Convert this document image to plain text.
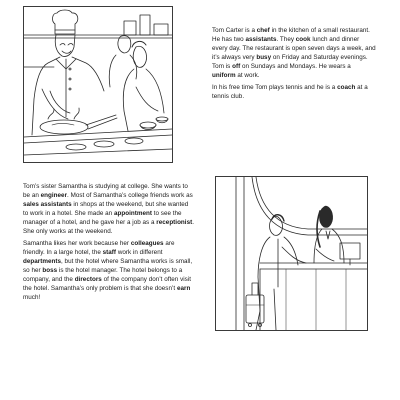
Tom Carter is a chef in the kitchen of a small restaurant. He has two assistants. They cook lunch and dinner every day. The restaurant is open seven days a week, and it’s always very busy on Friday and Saturday evenings. Tom is off on Sundays and Mondays. He wears a uniform at work.

In his free time Tom plays tennis and he is a coach at a tennis club.

Tom’s sister Samantha is studying at college. She wants to be an engineer. Most of Samantha’s college friends work as sales assistants in shops at the weekend, but she wanted to work in a hotel. She made an appointment to see the manager of a hotel, and he gave her a job as a receptionist. She only works at the weekend.

Samantha likes her work because her colleagues are friendly. In a large hotel, the staff work in different departments, but the hotel where Samantha works is small, so her boss is the hotel manager. The hotel belongs to a company, and the directors of the company don’t often visit the hotel. Samantha’s only problem is that she doesn’t earn much!
